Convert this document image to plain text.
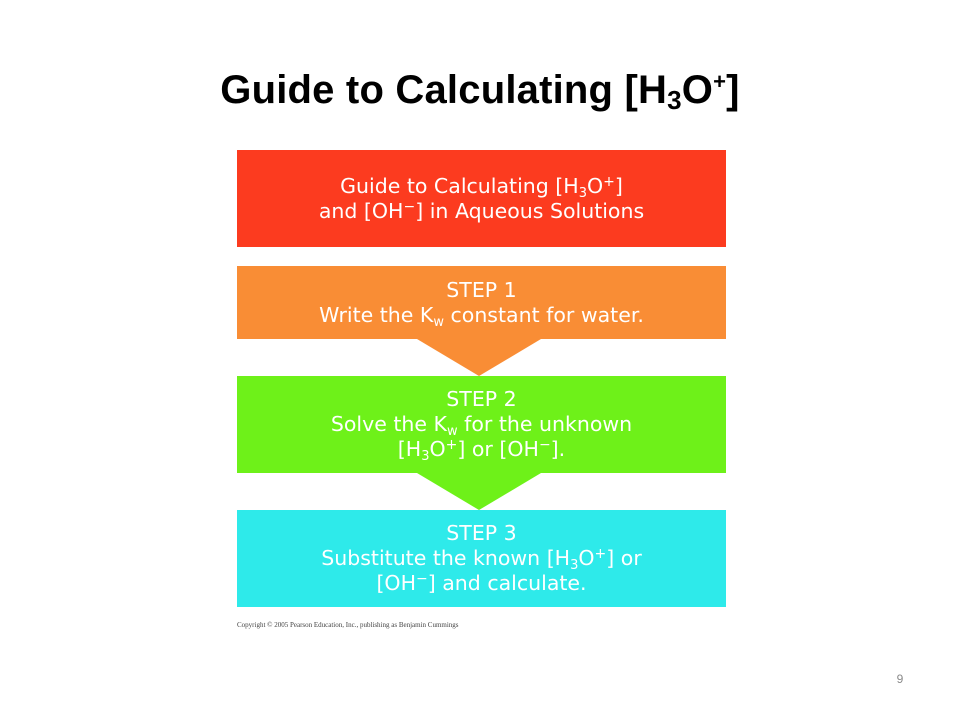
Guide to Calculating $[H_3O^+]$
Guide to Calculating $[H_3O^+]$
and [OH−] in Aqueous Solutions
STEP 1
Write the $K_w$ constant for water.
STEP 2
Solve the $K_w$ for the unknown
$[H_3O^+]$ or [OH−].
STEP 3
Substitute the known $[H_3O^+]$ or
[OH−] and calculate.
Copyright © 2005 Pearson Education, Inc., publishing as Benjamin Cummings
9
